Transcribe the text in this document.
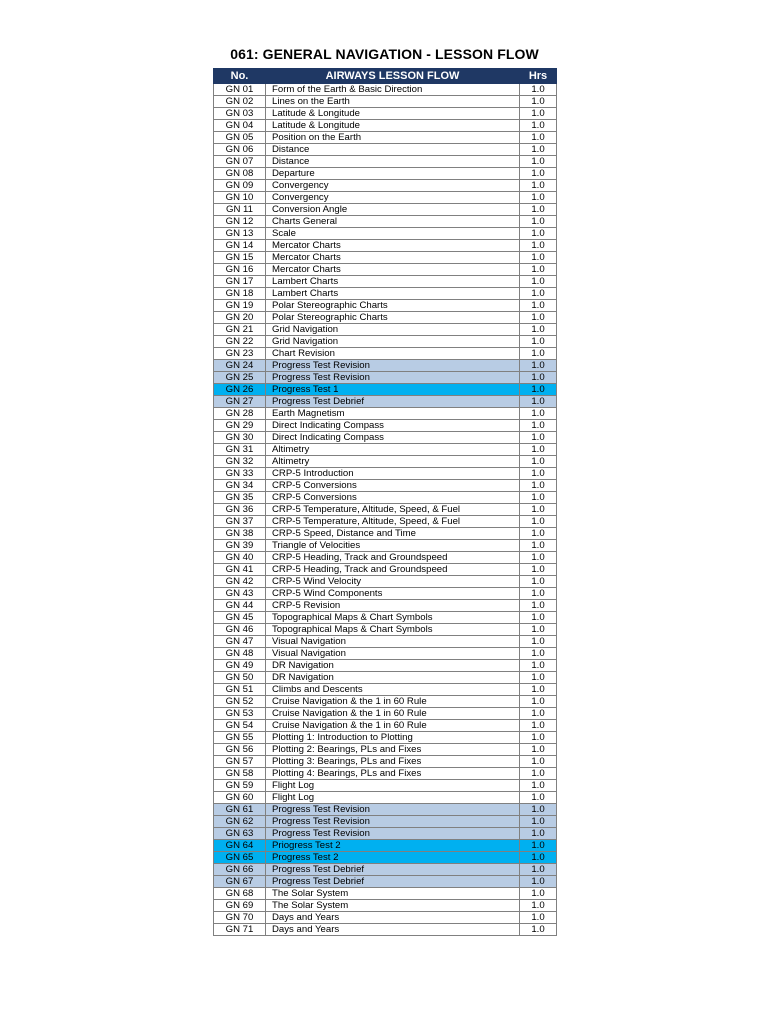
061: GENERAL NAVIGATION - LESSON FLOW
No.	AIRWAYS LESSON FLOW	Hrs
GN 01	Form of the Earth & Basic Direction	1.0
GN 02	Lines on the Earth	1.0
GN 03	Latitude & Longitude	1.0
GN 04	Latitude & Longitude	1.0
GN 05	Position on the Earth	1.0
GN 06	Distance	1.0
GN 07	Distance	1.0
GN 08	Departure	1.0
GN 09	Convergency	1.0
GN 10	Convergency	1.0
GN 11	Conversion Angle	1.0
GN 12	Charts General	1.0
GN 13	Scale	1.0
GN 14	Mercator Charts	1.0
GN 15	Mercator Charts	1.0
GN 16	Mercator Charts	1.0
GN 17	Lambert Charts	1.0
GN 18	Lambert Charts	1.0
GN 19	Polar Stereographic Charts	1.0
GN 20	Polar Stereographic Charts	1.0
GN 21	Grid Navigation	1.0
GN 22	Grid Navigation	1.0
GN 23	Chart Revision	1.0
GN 24	Progress Test Revision	1.0
GN 25	Progress Test Revision	1.0
GN 26	Progress Test 1	1.0
GN 27	Progress Test Debrief	1.0
GN 28	Earth Magnetism	1.0
GN 29	Direct Indicating Compass	1.0
GN 30	Direct Indicating Compass	1.0
GN 31	Altimetry	1.0
GN 32	Altimetry	1.0
GN 33	CRP-5 Introduction	1.0
GN 34	CRP-5 Conversions	1.0
GN 35	CRP-5 Conversions	1.0
GN 36	CRP-5 Temperature, Altitude, Speed, & Fuel	1.0
GN 37	CRP-5 Temperature, Altitude, Speed, & Fuel	1.0
GN 38	CRP-5 Speed, Distance and Time	1.0
GN 39	Triangle of Velocities	1.0
GN 40	CRP-5 Heading, Track and Groundspeed	1.0
GN 41	CRP-5 Heading, Track and Groundspeed	1.0
GN 42	CRP-5 Wind Velocity	1.0
GN 43	CRP-5 Wind Components	1.0
GN 44	CRP-5 Revision	1.0
GN 45	Topographical Maps & Chart Symbols	1.0
GN 46	Topographical Maps & Chart Symbols	1.0
GN 47	Visual Navigation	1.0
GN 48	Visual Navigation	1.0
GN 49	DR Navigation	1.0
GN 50	DR Navigation	1.0
GN 51	Climbs and Descents	1.0
GN 52	Cruise Navigation & the 1 in 60 Rule	1.0
GN 53	Cruise Navigation & the 1 in 60 Rule	1.0
GN 54	Cruise Navigation & the 1 in 60 Rule	1.0
GN 55	Plotting 1: Introduction to Plotting	1.0
GN 56	Plotting 2: Bearings, PLs and Fixes	1.0
GN 57	Plotting 3: Bearings, PLs and Fixes	1.0
GN 58	Plotting 4: Bearings, PLs and Fixes	1.0
GN 59	Flight Log	1.0
GN 60	Flight Log	1.0
GN 61	Progress Test Revision	1.0
GN 62	Progress Test Revision	1.0
GN 63	Progress Test Revision	1.0
GN 64	Priogress Test 2	1.0
GN 65	Progress Test 2	1.0
GN 66	Progress Test Debrief	1.0
GN 67	Progress Test Debrief	1.0
GN 68	The Solar System	1.0
GN 69	The Solar System	1.0
GN 70	Days and Years	1.0
GN 71	Days and Years	1.0
